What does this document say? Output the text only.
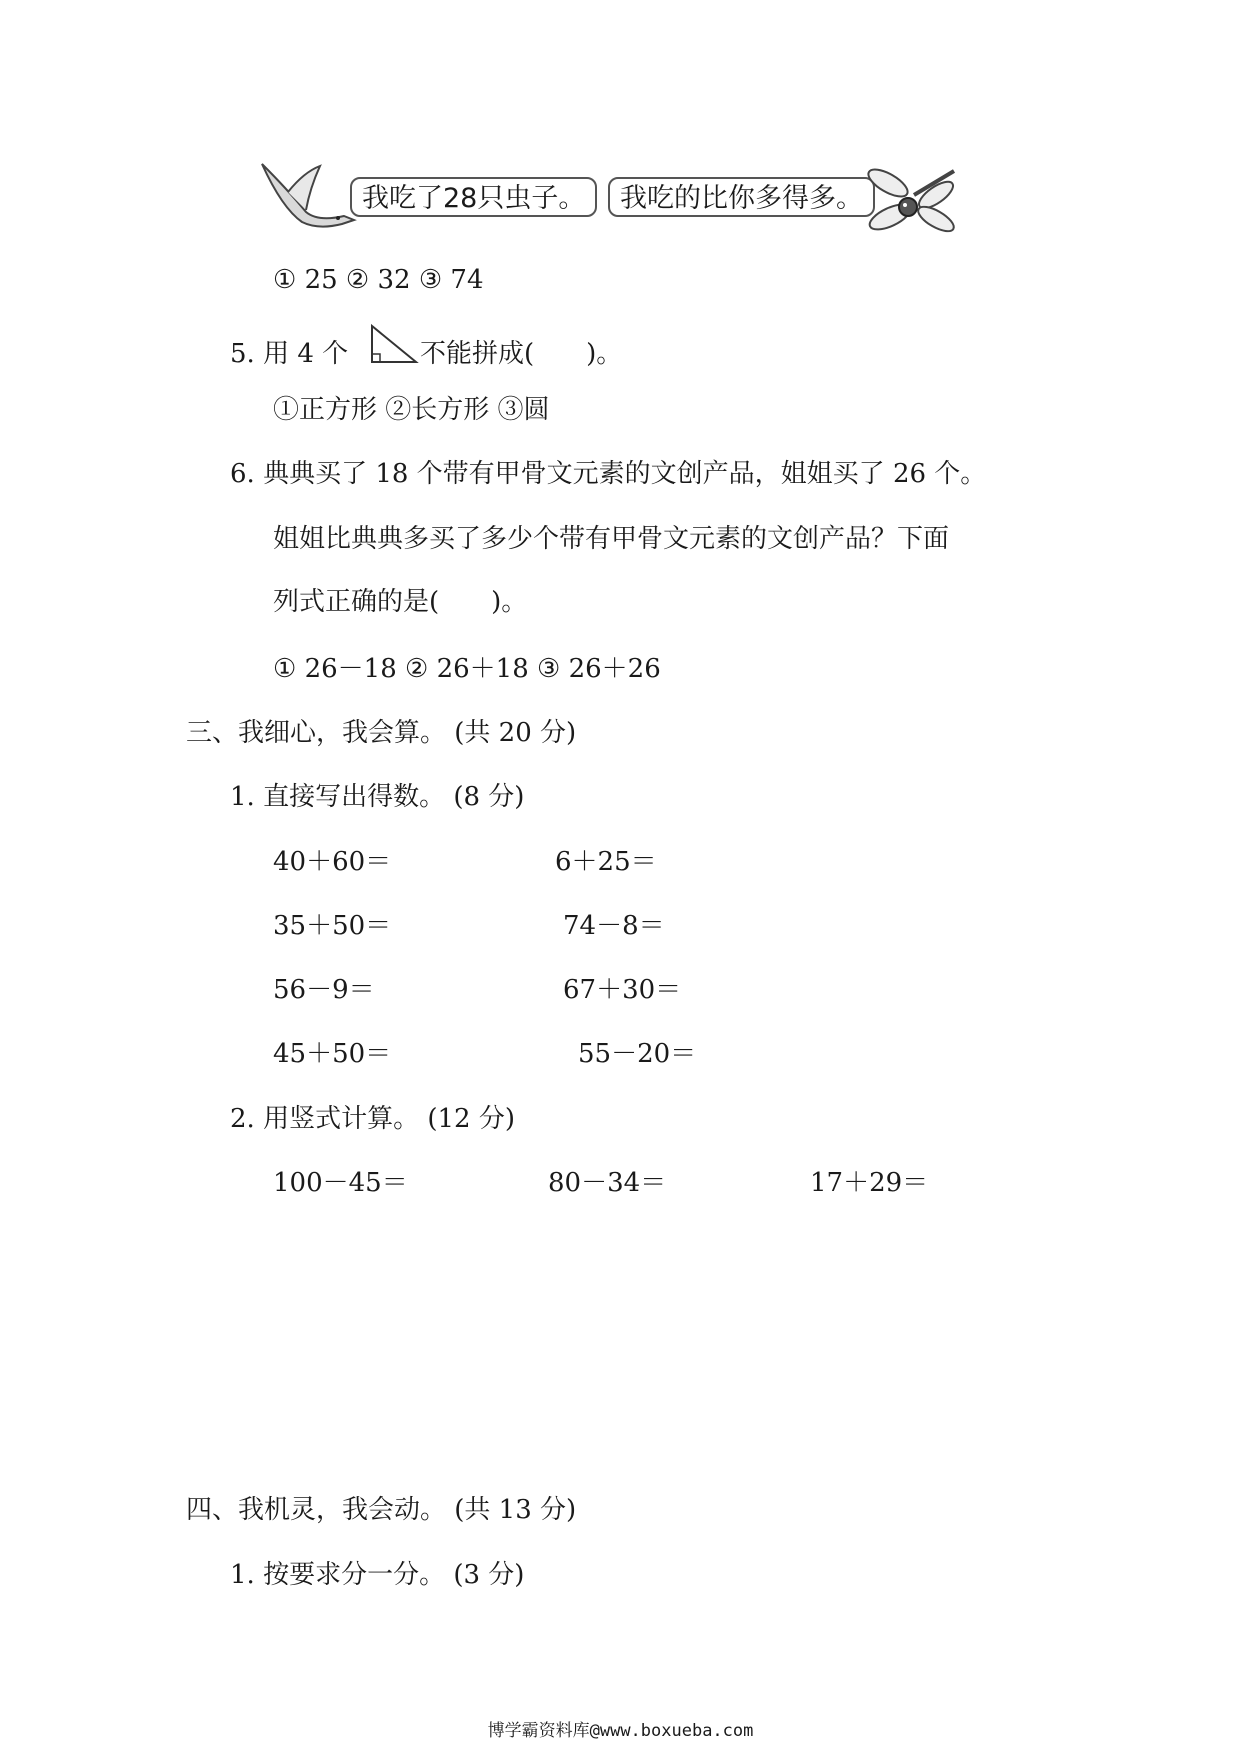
我吃了28只虫子。	我吃的比你多得多。
① 25 ② 32 ③ 74
5. 用 4 个	不能拼成(　　)。
①正方形 ②长方形 ③圆
6. 典典买了 18 个带有甲骨文元素的文创产品，姐姐买了 26 个。
姐姐比典典多买了多少个带有甲骨文元素的文创产品？下面
列式正确的是(　　)。
① 26－18 ② 26＋18 ③ 26＋26
三、我细心，我会算。 (共 20 分)
1. 直接写出得数。 (8 分)
40＋60＝	6＋25＝
35＋50＝	74－8＝
56－9＝	67＋30＝
45＋50＝	55－20＝
2. 用竖式计算。 (12 分)
100－45＝	80－34＝	17＋29＝
四、我机灵，我会动。 (共 13 分)
1. 按要求分一分。 (3 分)
博学霸资料库@www.boxueba.com
